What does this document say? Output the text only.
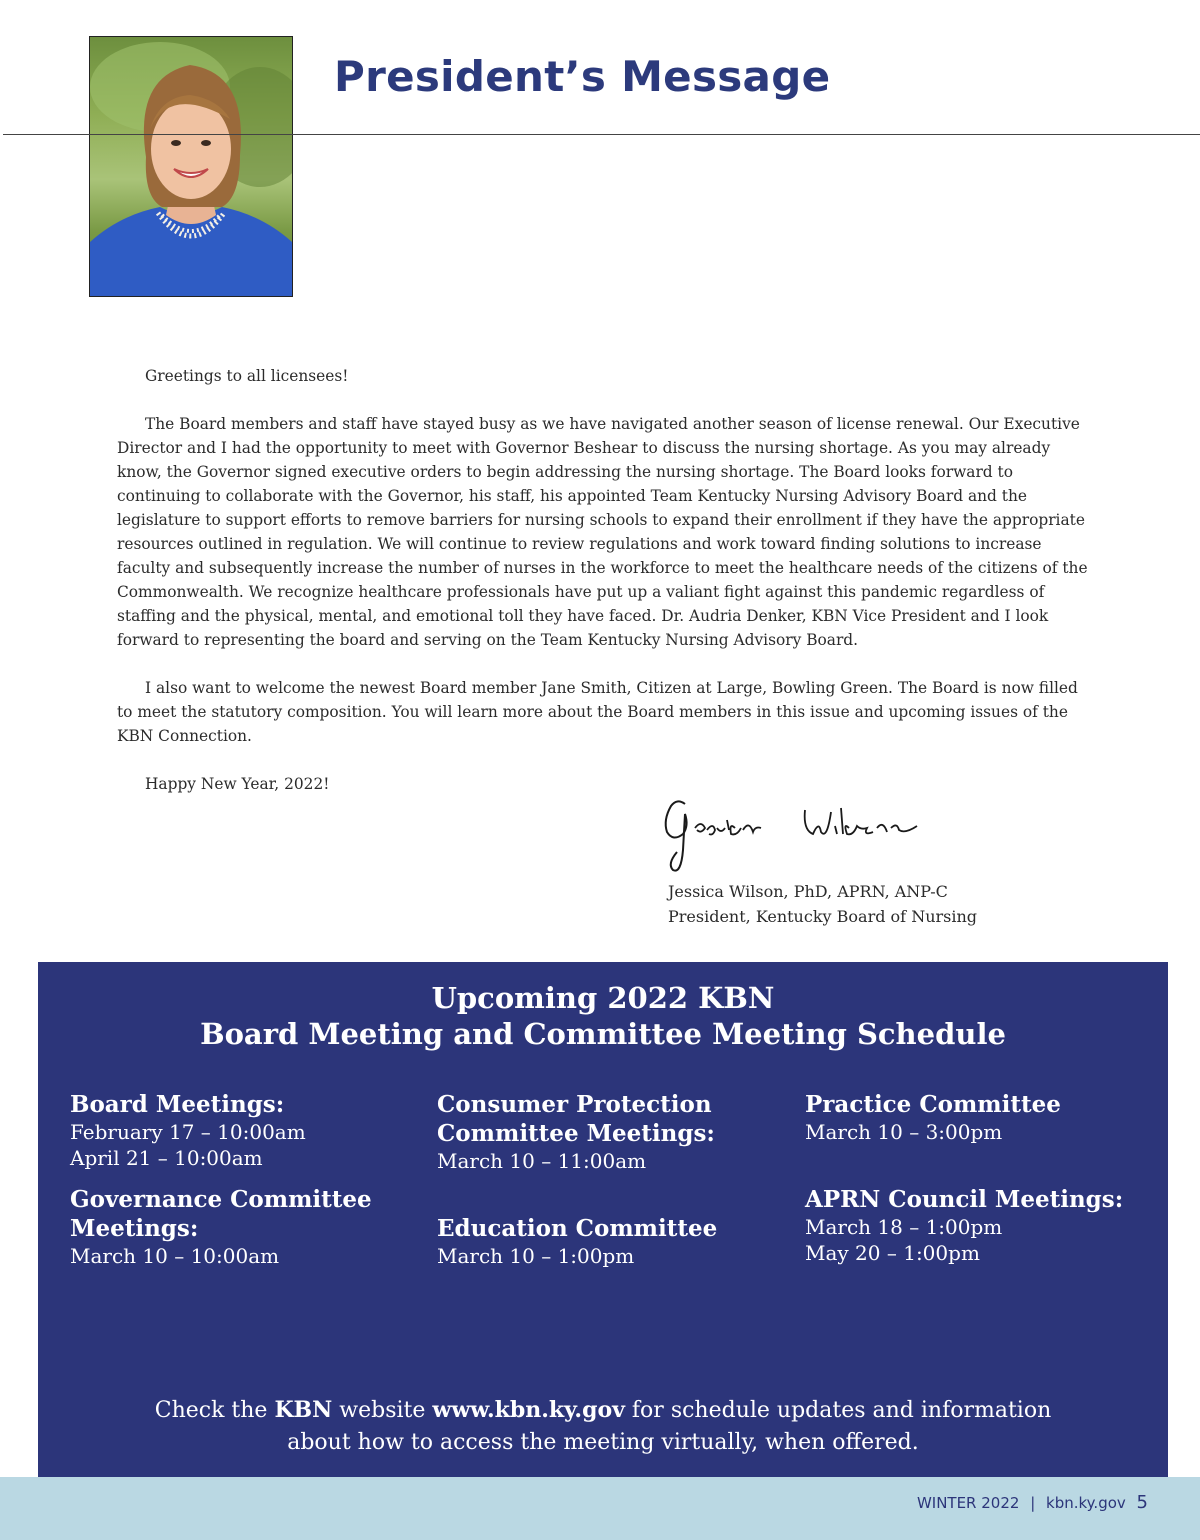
President’s Message

Greetings to all licensees!

The Board members and staff have stayed busy as we have navigated another season of license renewal. Our Executive Director and I had the opportunity to meet with Governor Beshear to discuss the nursing shortage. As you may already know, the Governor signed executive orders to begin addressing the nursing shortage. The Board looks forward to continuing to collaborate with the Governor, his staff, his appointed Team Kentucky Nursing Advisory Board and the legislature to support efforts to remove barriers for nursing schools to expand their enrollment if they have the appropriate resources outlined in regulation. We will continue to review regulations and work toward finding solutions to increase faculty and subsequently increase the number of nurses in the workforce to meet the healthcare needs of the citizens of the Commonwealth. We recognize healthcare professionals have put up a valiant fight against this pandemic regardless of staffing and the physical, mental, and emotional toll they have faced. Dr. Audria Denker, KBN Vice President and I look forward to representing the board and serving on the Team Kentucky Nursing Advisory Board.

I also want to welcome the newest Board member Jane Smith, Citizen at Large, Bowling Green. The Board is now filled to meet the statutory composition. You will learn more about the Board members in this issue and upcoming issues of the KBN Connection.

Happy New Year, 2022!

Jessica Wilson, PhD, APRN, ANP-C
President, Kentucky Board of Nursing
Upcoming 2022 KBN
Board Meeting and Committee Meeting Schedule
Board Meetings:
February 17 – 10:00am
April 21 – 10:00am
Governance Committee
Meetings:
March 10 – 10:00am
Consumer Protection
Committee Meetings:
March 10 – 11:00am
Education Committee
March 10 – 1:00pm
Practice Committee
March 10 – 3:00pm
APRN Council Meetings:
March 18 – 1:00pm
May 20 – 1:00pm
Check the KBN website www.kbn.ky.gov for schedule updates and information
about how to access the meeting virtually, when offered.
WINTER 2022 | kbn.ky.gov 5
